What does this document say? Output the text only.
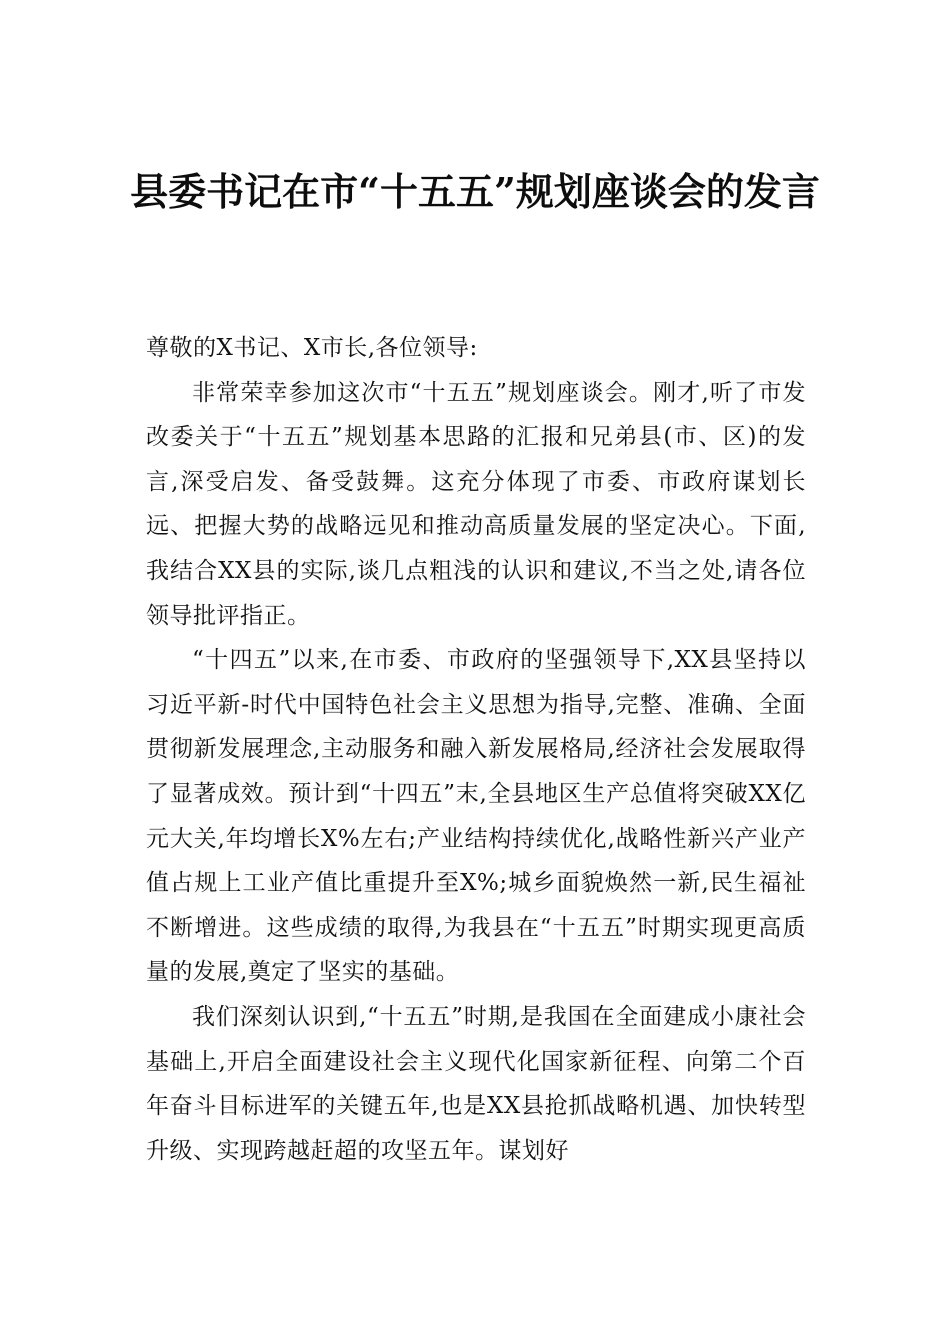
县委书记在市“十五五”规划座谈会的发言

尊敬的X书记、X市长,各位领导:

非常荣幸参加这次市“十五五”规划座谈会。刚才,听了市发改委关于“十五五”规划基本思路的汇报和兄弟县(市、区)的发言,深受启发、备受鼓舞。这充分体现了市委、市政府谋划长远、把握大势的战略远见和推动高质量发展的坚定决心。下面,我结合XX县的实际,谈几点粗浅的认识和建议,不当之处,请各位领导批评指正。

“十四五”以来,在市委、市政府的坚强领导下,XX县坚持以习近平新-时代中国特色社会主义思想为指导,完整、准确、全面贯彻新发展理念,主动服务和融入新发展格局,经济社会发展取得了显著成效。预计到“十四五”末,全县地区生产总值将突破XX亿元大关,年均增长X%左右;产业结构持续优化,战略性新兴产业产值占规上工业产值比重提升至X%;城乡面貌焕然一新,民生福祉不断增进。这些成绩的取得,为我县在“十五五”时期实现更高质量的发展,奠定了坚实的基础。

我们深刻认识到,“十五五”时期,是我国在全面建成小康社会基础上,开启全面建设社会主义现代化国家新征程、向第二个百年奋斗目标进军的关键五年,也是XX县抢抓战略机遇、加快转型升级、实现跨越赶超的攻坚五年。谋划好
